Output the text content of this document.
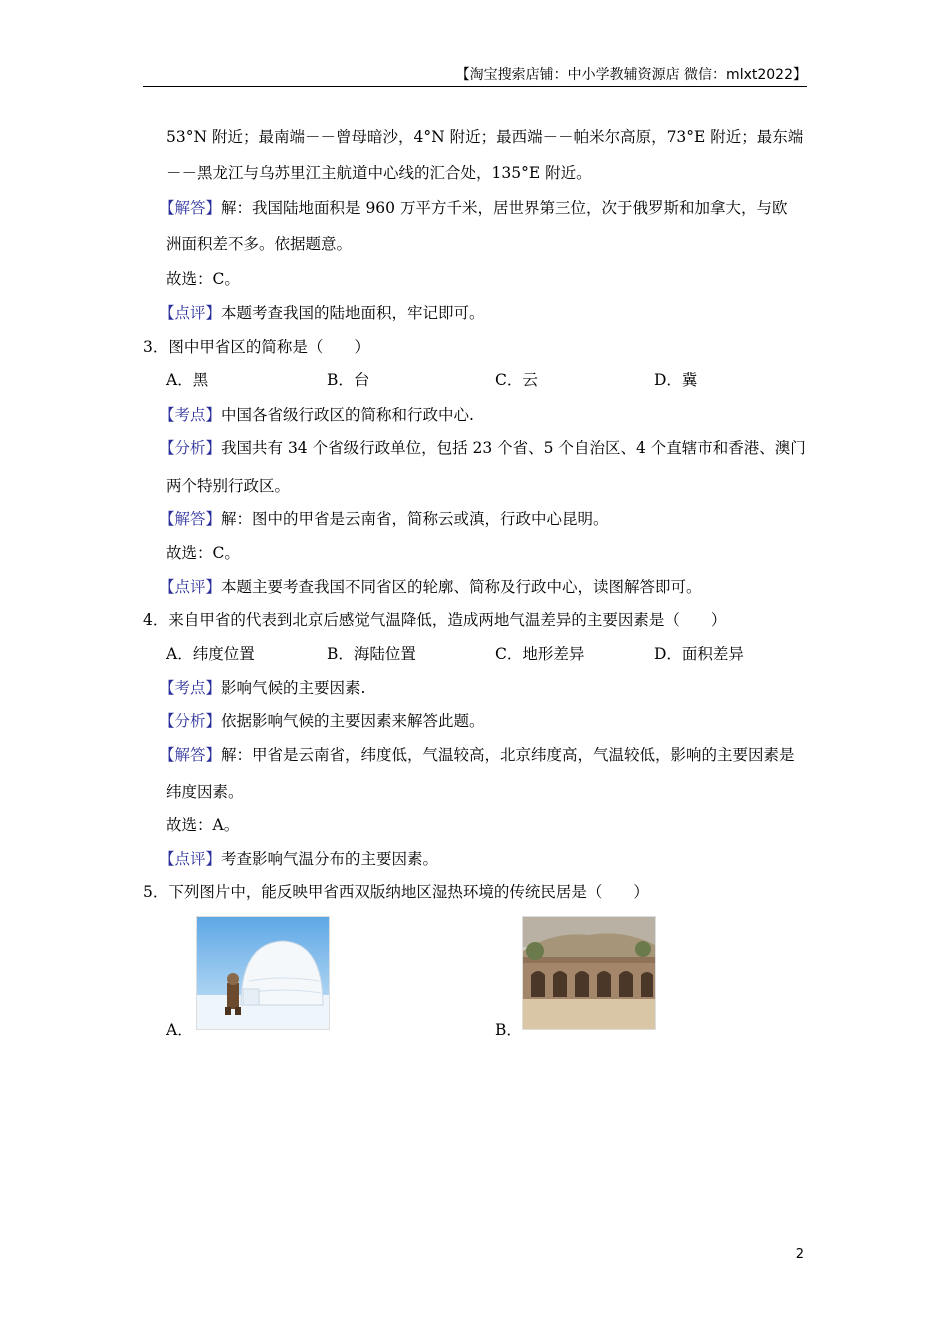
【淘宝搜索店铺：中小学教辅资源店 微信：mlxt2022】
53°N 附近；最南端－－曾母暗沙，4°N 附近；最西端－－帕米尔高原，73°E 附近；最东端
－－黑龙江与乌苏里江主航道中心线的汇合处，135°E 附近。
【解答】解：我国陆地面积是 960 万平方千米，居世界第三位，次于俄罗斯和加拿大，与欧
洲面积差不多。依据题意。
故选：C。
【点评】本题考查我国的陆地面积，牢记即可。
3．图中甲省区的简称是（　　）
A．黑	B．台	C．云	D．冀
【考点】中国各省级行政区的简称和行政中心.
【分析】我国共有 34 个省级行政单位，包括 23 个省、5 个自治区、4 个直辖市和香港、澳门
两个特别行政区。
【解答】解：图中的甲省是云南省，简称云或滇，行政中心昆明。
故选：C。
【点评】本题主要考查我国不同省区的轮廓、简称及行政中心，读图解答即可。
4．来自甲省的代表到北京后感觉气温降低，造成两地气温差异的主要因素是（　　）
A．纬度位置	B．海陆位置	C．地形差异	D．面积差异
【考点】影响气候的主要因素.
【分析】依据影响气候的主要因素来解答此题。
【解答】解：甲省是云南省，纬度低，气温较高，北京纬度高，气温较低，影响的主要因素是
纬度因素。
故选：A。
【点评】考查影响气温分布的主要因素。
5．下列图片中，能反映甲省西双版纳地区湿热环境的传统民居是（　　）
A．	B．
2
